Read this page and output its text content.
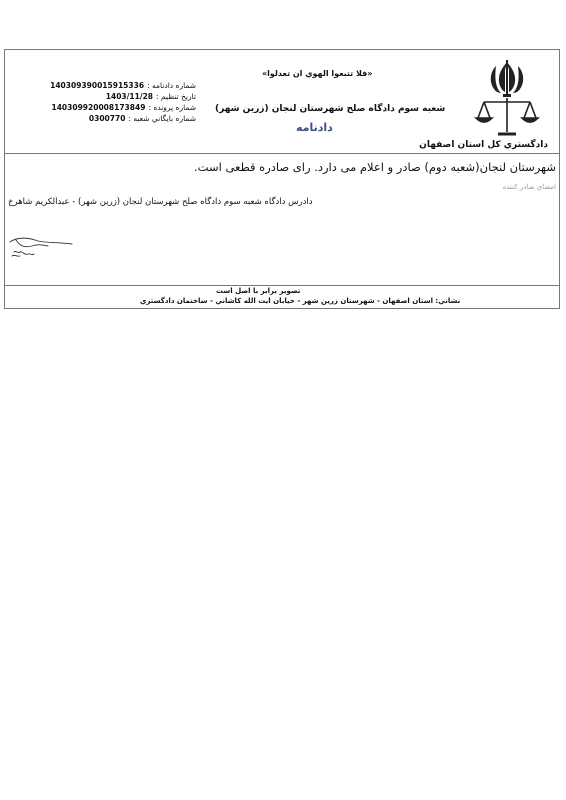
دادگستري كل استان اصفهان
«فلا تتبعوا الهوي ان تعدلوا»
شعبه سوم دادگاه صلح شهرستان لنجان (زرين شهر)
دادنامه
شماره دادنامه :
140309390015915336
تاريخ تنظيم :
1403/11/28
شماره پرونده :
140309920008173849
شماره بايگاني شعبه :
0300770
شهرستان لنجان(شعبه دوم) صادر و اعلام می دارد. رای صادره قطعی است.
امضاي صادر كننده
دادرس دادگاه شعبه سوم دادگاه صلح شهرستان لنجان (زرين شهر) - عبدالكريم شاهرخ
تصوير برابر با اصل است
نشاني: استان اصفهان - شهرستان زرين شهر - خيابان ايت الله كاشاني - ساختمان دادگستري
